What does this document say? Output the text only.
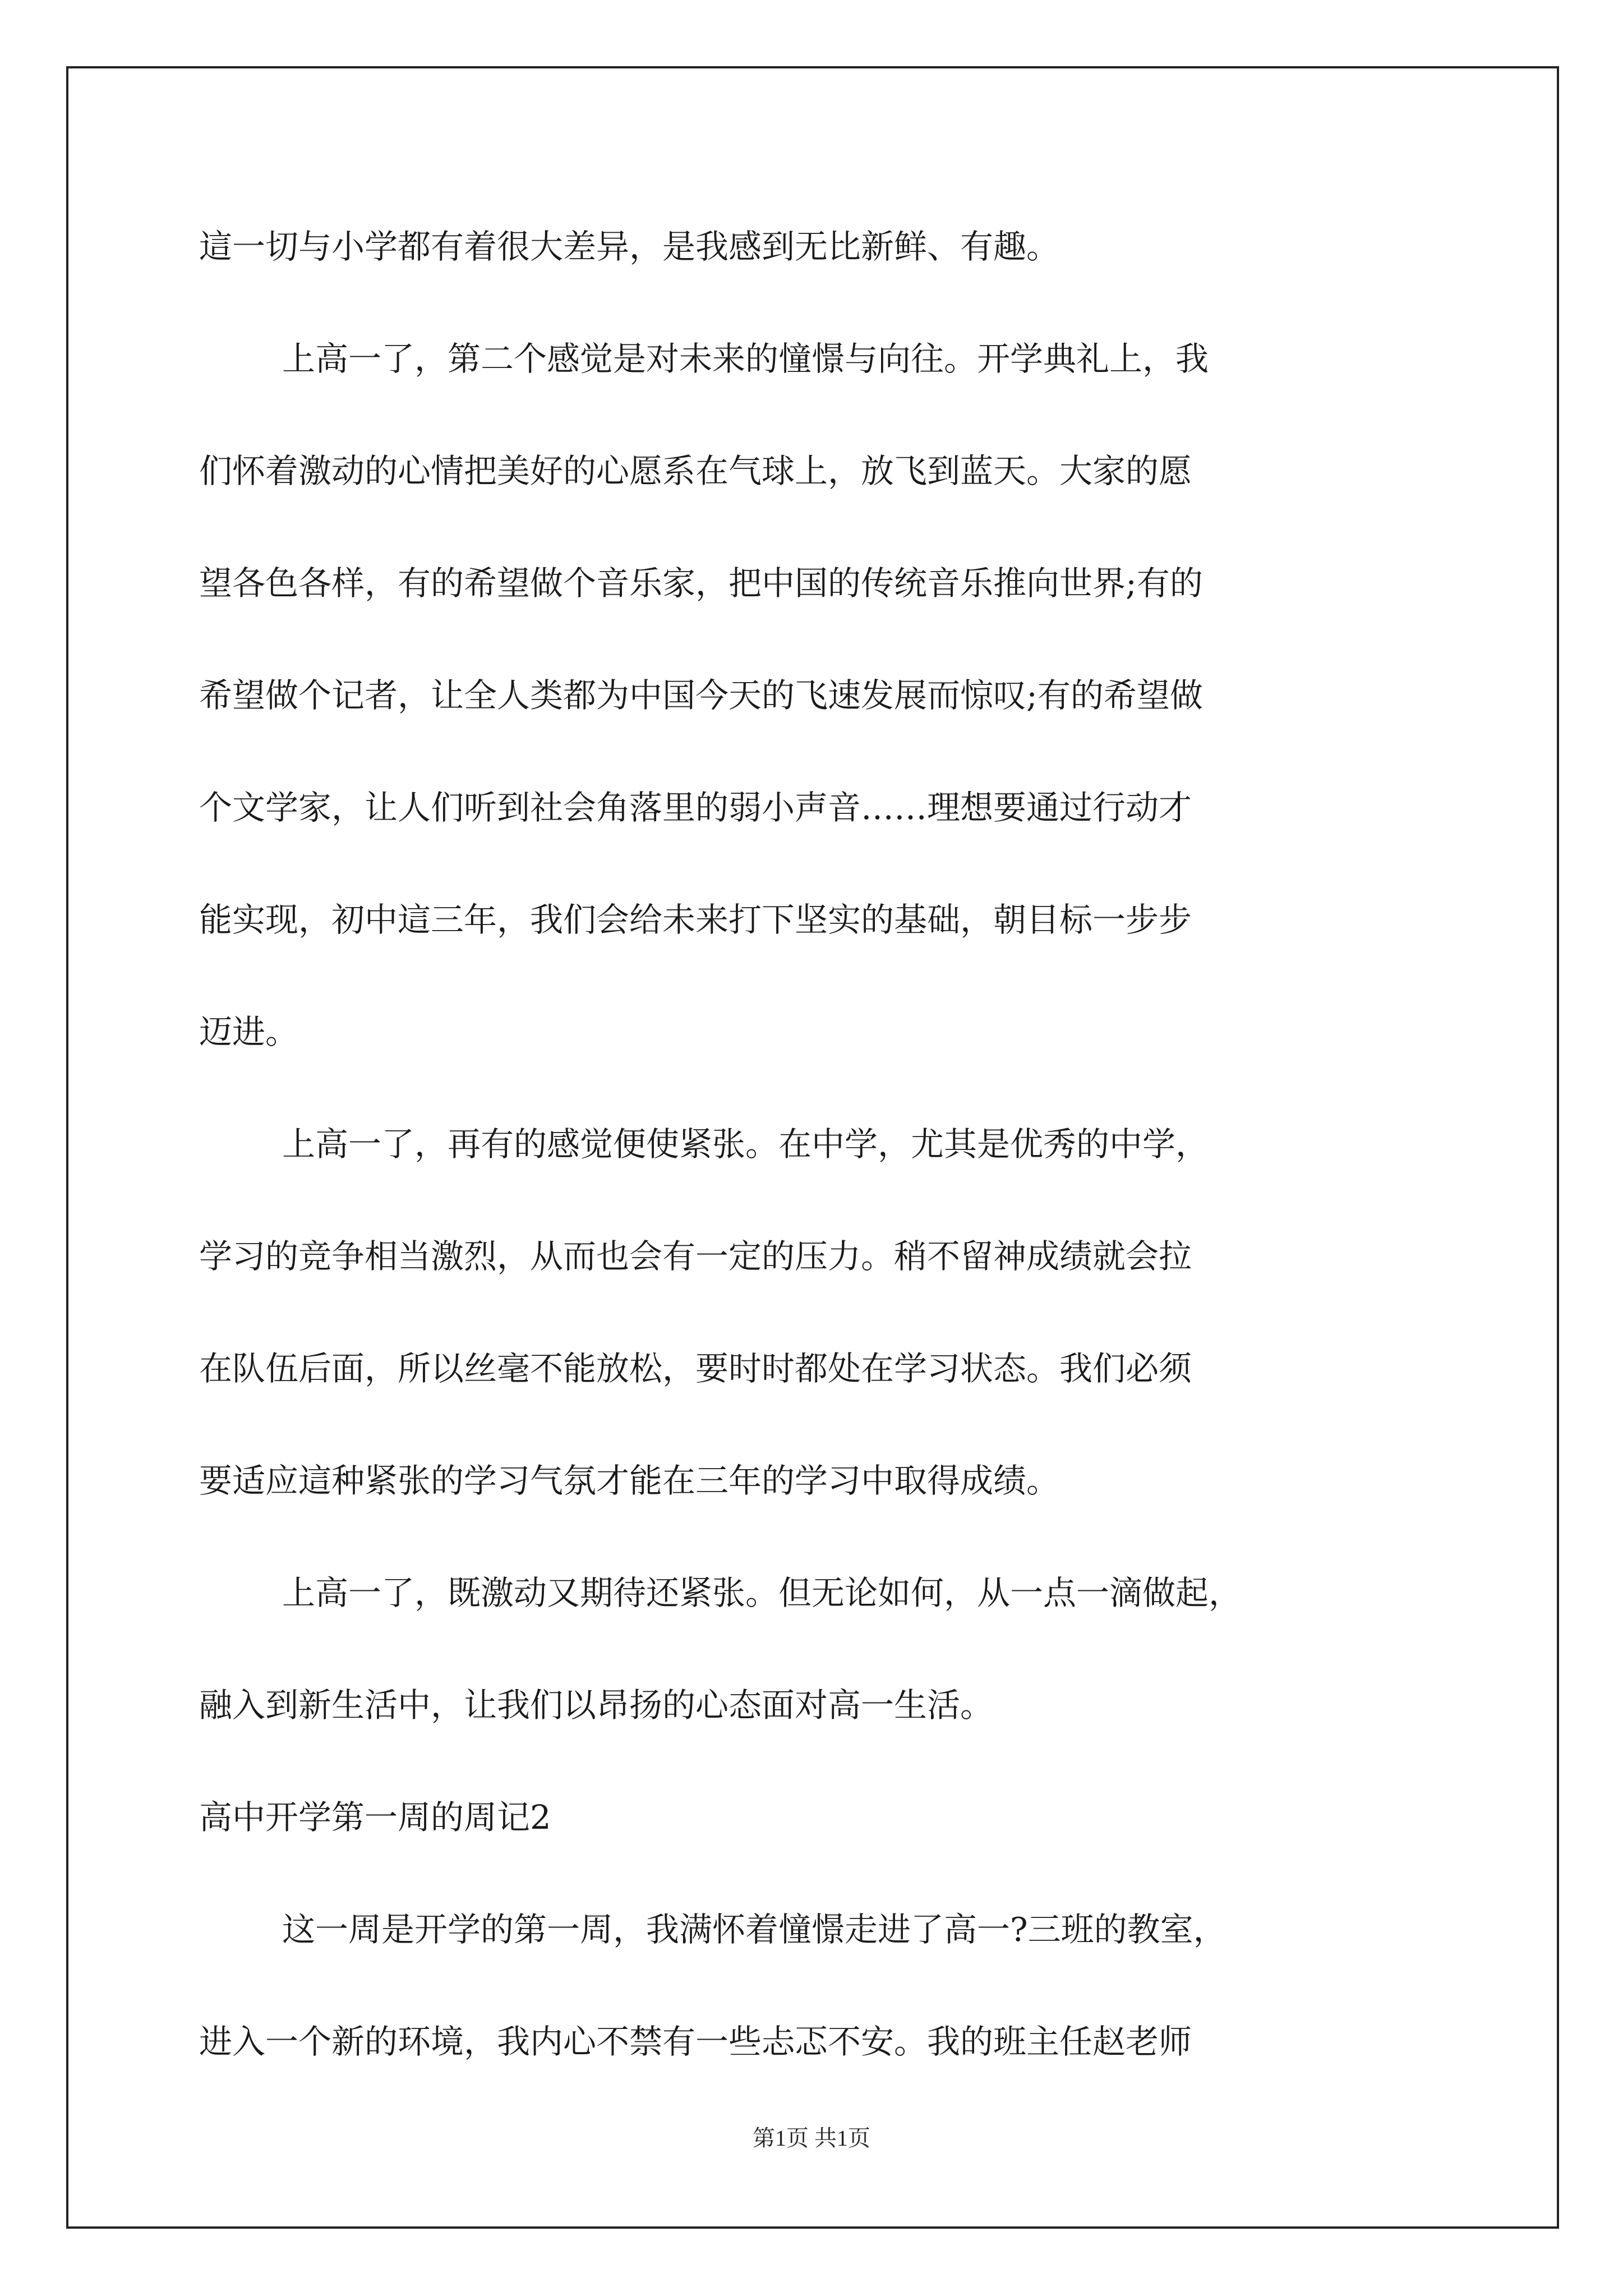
這一切与小学都有着很大差异，是我感到无比新鲜、有趣。
上高一了，第二个感觉是对未来的憧憬与向往。开学典礼上，我
们怀着激动的心情把美好的心愿系在气球上，放飞到蓝天。大家的愿
望各色各样，有的希望做个音乐家，把中国的传统音乐推向世界;有的
希望做个记者，让全人类都为中国今天的飞速发展而惊叹;有的希望做
个文学家，让人们听到社会角落里的弱小声音……理想要通过行动才
能实现，初中這三年，我们会给未来打下坚实的基础，朝目标一步步
迈进。
上高一了，再有的感觉便使紧张。在中学，尤其是优秀的中学，
学习的竞争相当激烈，从而也会有一定的压力。稍不留神成绩就会拉
在队伍后面，所以丝毫不能放松，要时时都处在学习状态。我们必须
要适应這种紧张的学习气氛才能在三年的学习中取得成绩。
上高一了，既激动又期待还紧张。但无论如何，从一点一滴做起，
融入到新生活中，让我们以昂扬的心态面对高一生活。
高中开学第一周的周记2
这一周是开学的第一周，我满怀着憧憬走进了高一?三班的教室，
进入一个新的环境，我内心不禁有一些忐忑不安。我的班主任赵老师
第1页 共1页
